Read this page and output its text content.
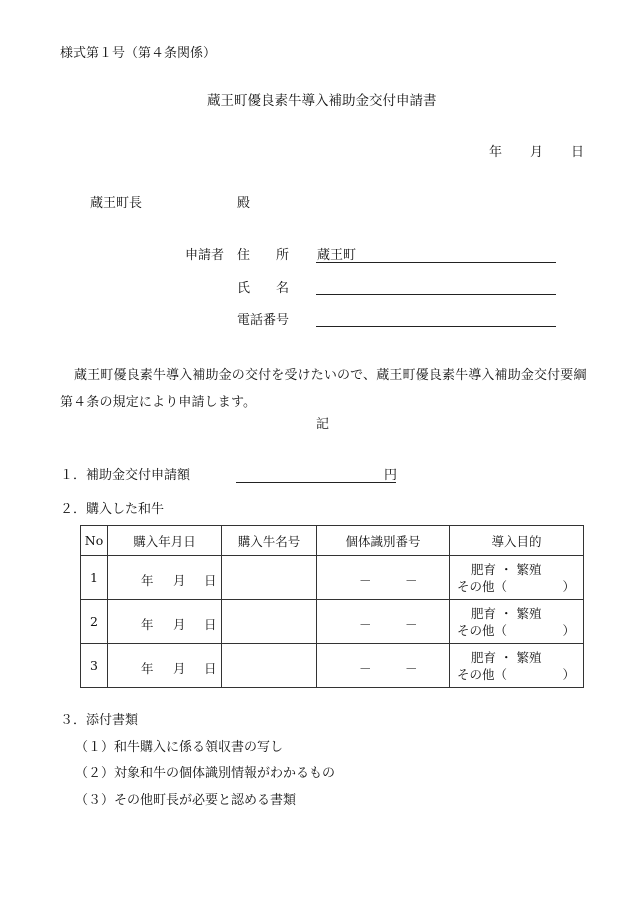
様式第１号（第４条関係）
蔵王町優良素牛導入補助金交付申請書
年 月 日
蔵王町長	殿
申請者 住 所 蔵王町
氏 名
電話番号
蔵王町優良素牛導入補助金の交付を受けたいので、蔵王町優良素牛導入補助金交付要綱第４条の規定により申請します。
記
１．補助金交付申請額	円
２．購入した和牛
No	購入年月日	購入牛名号	個体識別番号	導入目的
1	年 月 日		－ －	肥育 ・ 繁殖
その他（ ）

2	年 月 日		－ －	肥育 ・ 繁殖
その他（ ）

3	年 月 日		－ －	肥育 ・ 繁殖
その他（ ）
３．添付書類
（１）和牛購入に係る領収書の写し
（２）対象和牛の個体識別情報がわかるもの
（３）その他町長が必要と認める書類
